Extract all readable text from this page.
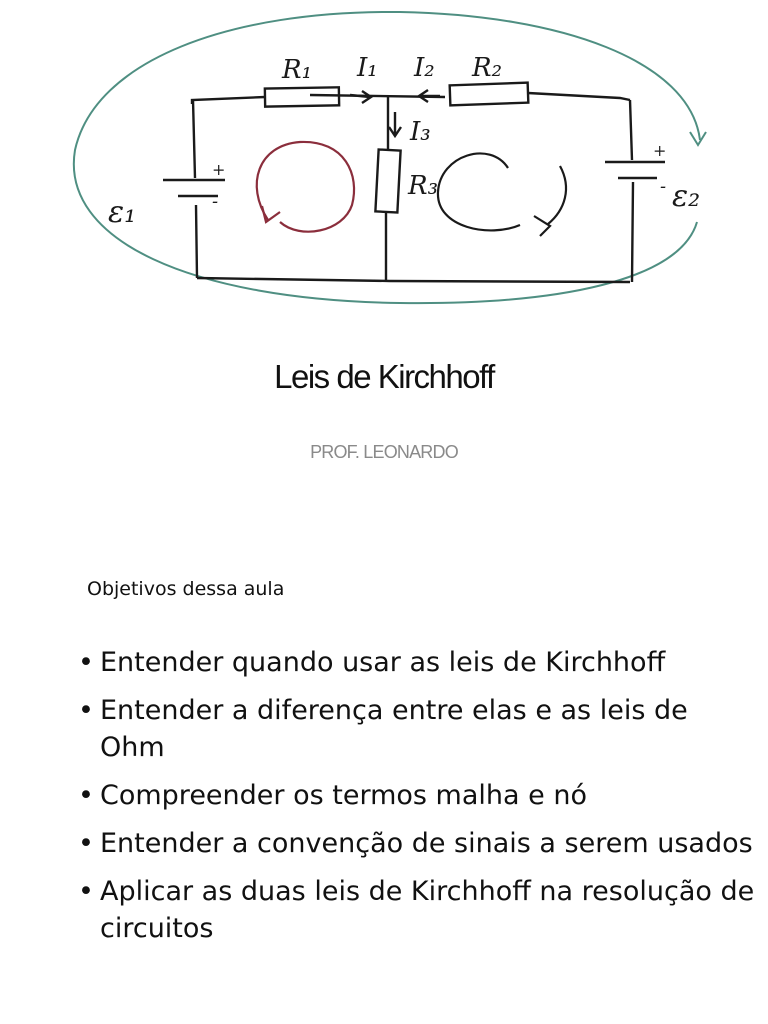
R₁ I₁ I₂ R₂
I₃
R₃
ε₁	ε₂
+
-
+
-
Leis de Kirchhoff
PROF. LEONARDO
Objetivos dessa aula
• Entender quando usar as leis de Kirchhoff
• Entender a diferença entre elas e as leis de Ohm
• Compreender os termos malha e nó
• Entender a convenção de sinais a serem usados
• Aplicar as duas leis de Kirchhoff na resolução de circuitos
